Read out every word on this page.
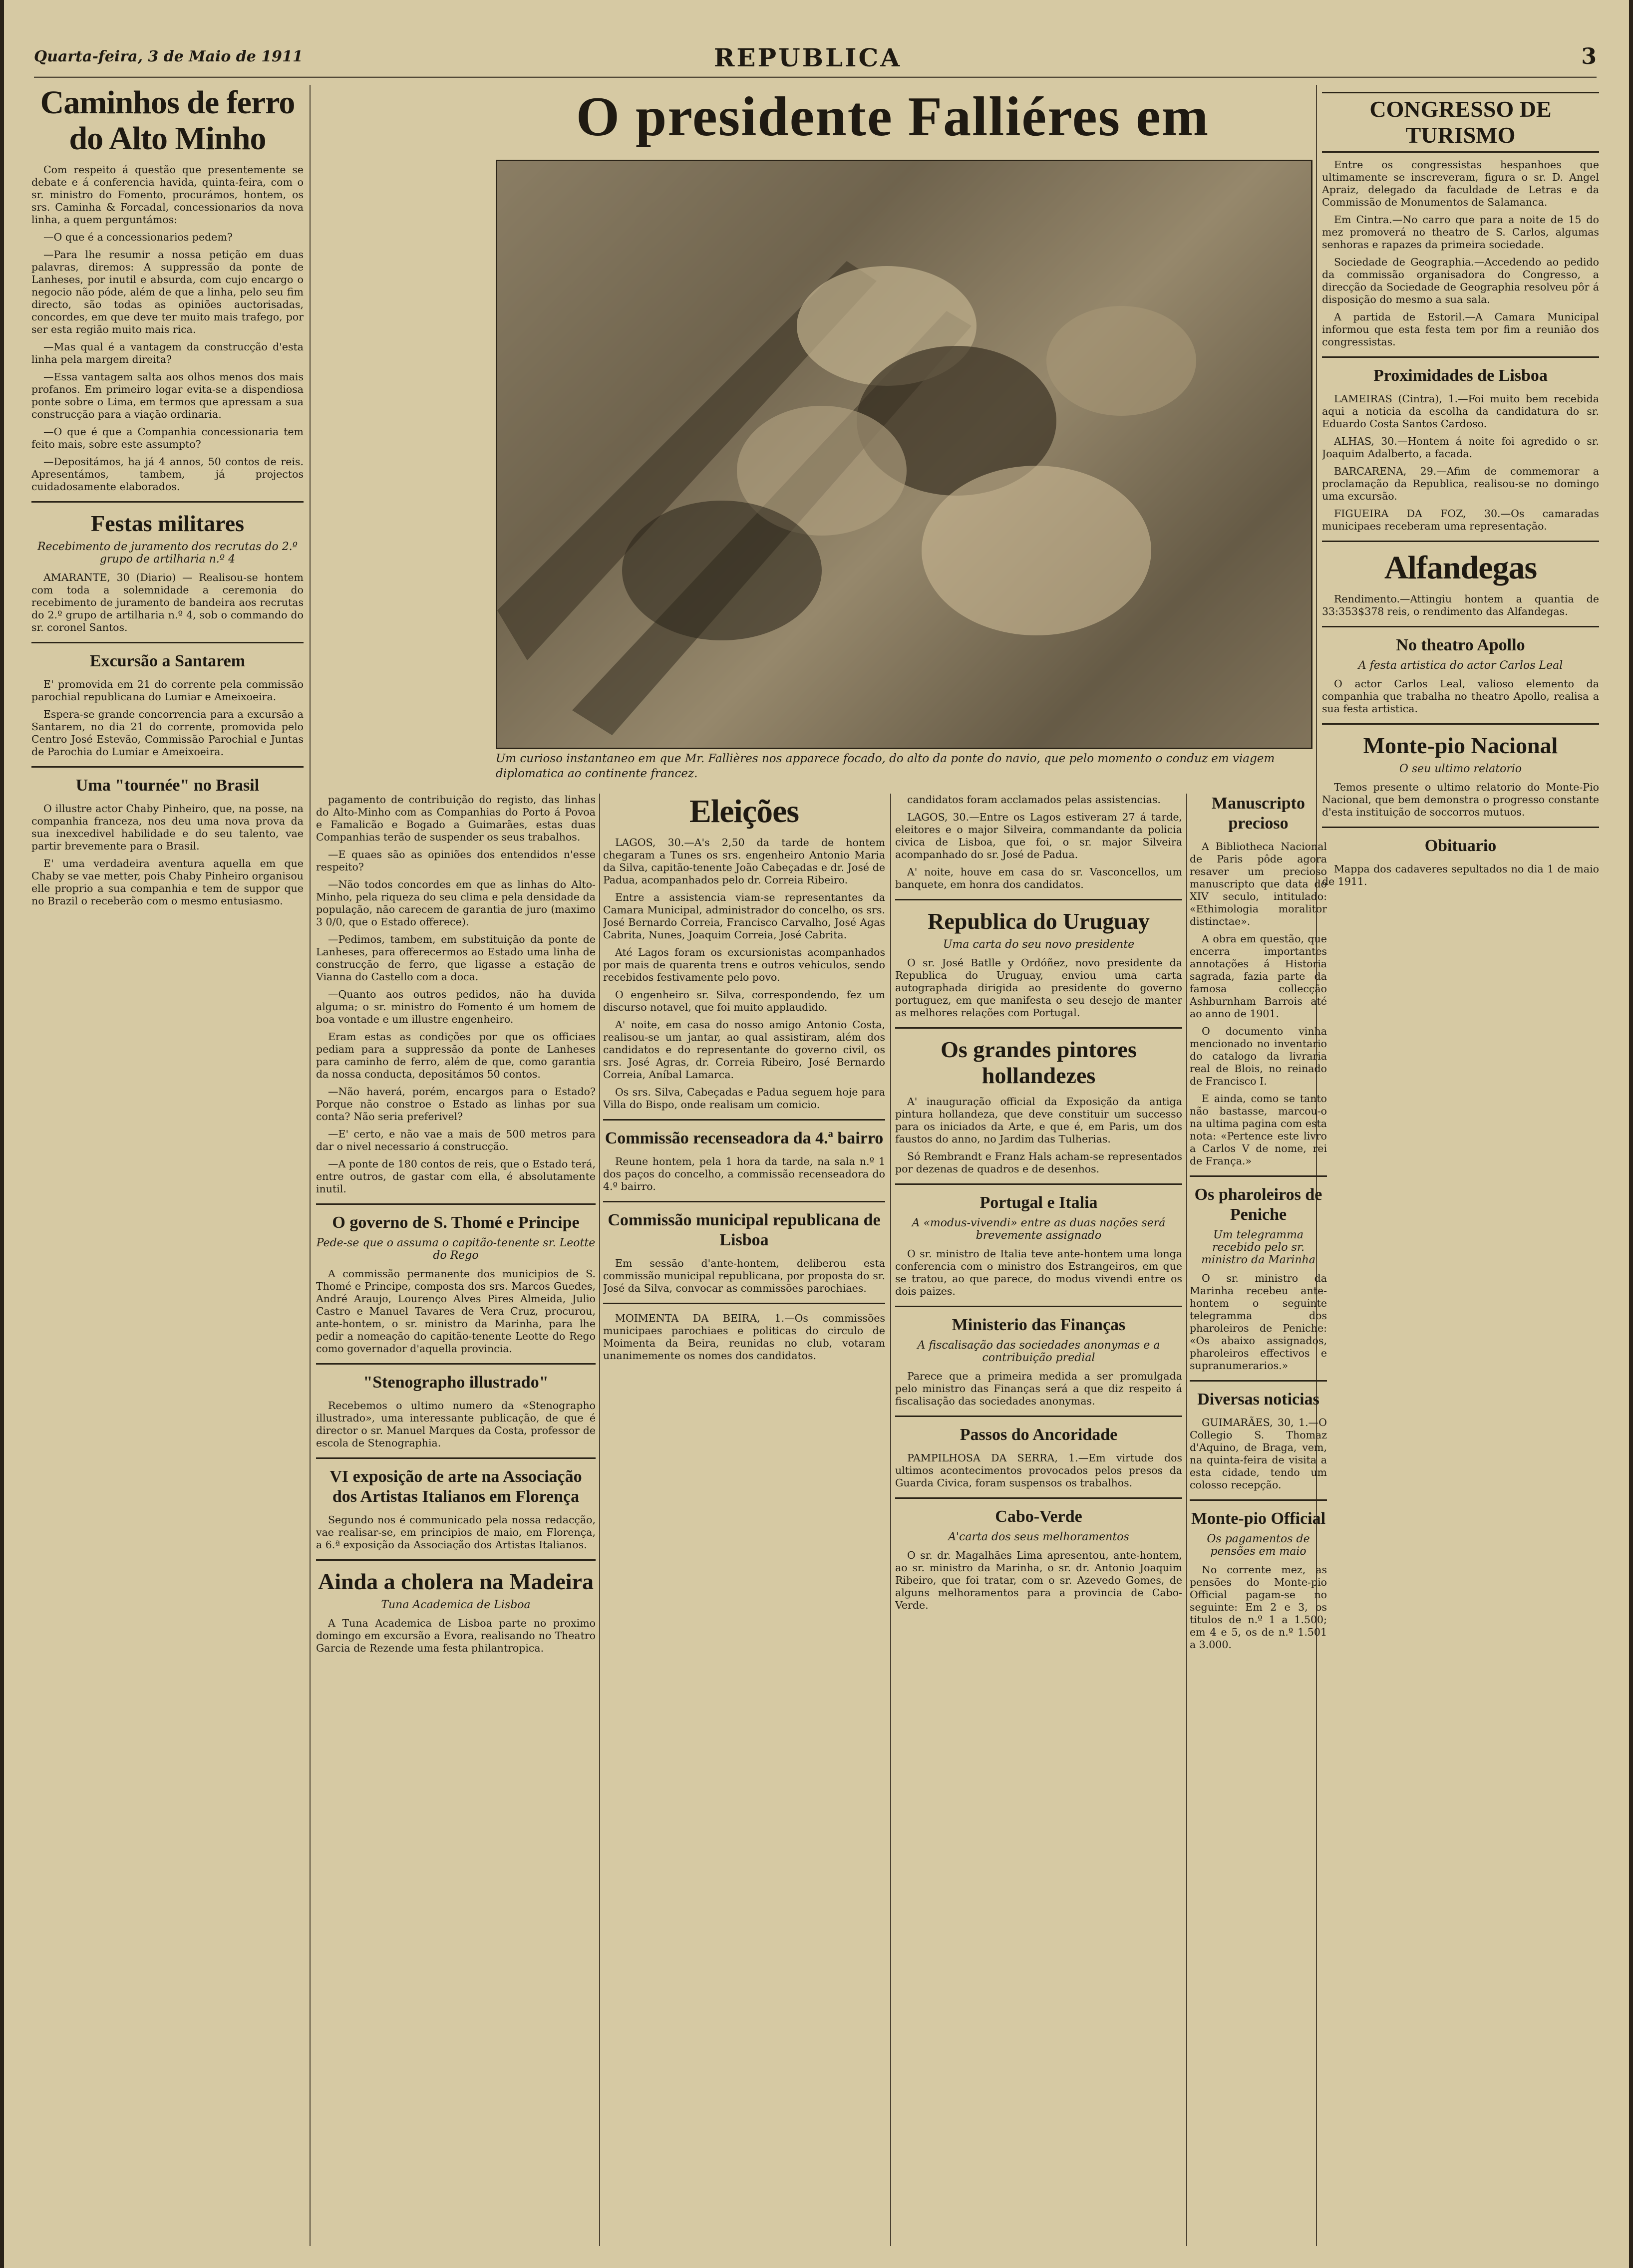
Quarta-feira, 3 de Maio de 1911	REPUBLICA	3
O presidente Falliéres em
Um curioso instantaneo em que Mr. Fallières nos apparece focado, do alto da ponte do navio, que pelo momento o conduz em viagem diplomatica ao continente francez.
Caminhos de ferro do Alto Minho

Com respeito á questão que presentemente se debate e á conferencia havida, quinta-feira, com o sr. ministro do Fomento, procurámos, hontem, os srs. Caminha & Forcadal, concessionarios da nova linha, a quem perguntámos:

—O que é a concessionarios pedem?

—Para lhe resumir a nossa petição em duas palavras, diremos: A suppressão da ponte de Lanheses, por inutil e absurda, com cujo encargo o negocio não póde, além de que a linha, pelo seu fim directo, são todas as opiniões auctorisadas, concordes, em que deve ter muito mais trafego, por ser esta região muito mais rica.

—Mas qual é a vantagem da construcção d'esta linha pela margem direita?

—Essa vantagem salta aos olhos menos dos mais profanos. Em primeiro logar evita-se a dispendiosa ponte sobre o Lima, em termos que apressam a sua construcção para a viação ordinaria.

—O que é que a Companhia concessionaria tem feito mais, sobre este assumpto?

—Depositámos, ha já 4 annos, 50 contos de reis. Apresentámos, tambem, já projectos cuidadosamente elaborados.

Festas militares
Recebimento de juramento dos recrutas do 2.º grupo de artilharia n.º 4

AMARANTE, 30 (Diario) — Realisou-se hontem com toda a solemnidade a ceremonia do recebimento de juramento de bandeira aos recrutas do 2.º grupo de artilharia n.º 4, sob o commando do sr. coronel Santos.

Excursão a Santarem

E' promovida em 21 do corrente pela commissão parochial republicana do Lumiar e Ameixoeira.

Espera-se grande concorrencia para a excursão a Santarem, no dia 21 do corrente, promovida pelo Centro José Estevão, Commissão Parochial e Juntas de Parochia do Lumiar e Ameixoeira.

Uma "tournée" no Brasil

O illustre actor Chaby Pinheiro, que, na posse, na companhia franceza, nos deu uma nova prova da sua inexcedivel habilidade e do seu talento, vae partir brevemente para o Brasil.

E' uma verdadeira aventura aquella em que Chaby se vae metter, pois Chaby Pinheiro organisou elle proprio a sua companhia e tem de suppor que no Brazil o receberão com o mesmo entusiasmo.

pagamento de contribuição do registo, das linhas do Alto-Minho com as Companhias do Porto á Povoa e Famalicão e Bogado a Guimarães, estas duas Companhias terão de suspender os seus trabalhos.

—E quaes são as opiniões dos entendidos n'esse respeito?

—Não todos concordes em que as linhas do Alto-Minho, pela riqueza do seu clima e pela densidade da população, não carecem de garantia de juro (maximo 3 0/0, que o Estado offerece).

—Pedimos, tambem, em substituição da ponte de Lanheses, para offerecermos ao Estado uma linha de construcção de ferro, que ligasse a estação de Vianna do Castello com a doca.

—Quanto aos outros pedidos, não ha duvida alguma; o sr. ministro do Fomento é um homem de boa vontade e um illustre engenheiro.

Eram estas as condições por que os officiaes pediam para a suppressão da ponte de Lanheses para caminho de ferro, além de que, como garantia da nossa conducta, depositámos 50 contos.

—Não haverá, porém, encargos para o Estado? Porque não constroe o Estado as linhas por sua conta? Não seria preferivel?

—E' certo, e não vae a mais de 500 metros para dar o nivel necessario á construcção.

—A ponte de 180 contos de reis, que o Estado terá, entre outros, de gastar com ella, é absolutamente inutil.

O governo de S. Thomé e Principe
Pede-se que o assuma o capitão-tenente sr. Leotte do Rego

A commissão permanente dos municipios de S. Thomé e Principe, composta dos srs. Marcos Guedes, André Araujo, Lourenço Alves Pires Almeida, Julio Castro e Manuel Tavares de Vera Cruz, procurou, ante-hontem, o sr. ministro da Marinha, para lhe pedir a nomeação do capitão-tenente Leotte do Rego como governador d'aquella provincia.

"Stenographo illustrado"

Recebemos o ultimo numero da «Stenographo illustrado», uma interessante publicação, de que é director o sr. Manuel Marques da Costa, professor de escola de Stenographia.

VI exposição de arte na Associação dos Artistas Italianos em Florença

Segundo nos é communicado pela nossa redacção, vae realisar-se, em principios de maio, em Florença, a 6.ª exposição da Associação dos Artistas Italianos.

Ainda a cholera na Madeira
Tuna Academica de Lisboa

A Tuna Academica de Lisboa parte no proximo domingo em excursão a Evora, realisando no Theatro Garcia de Rezende uma festa philantropica.

Eleições

LAGOS, 30.—A's 2,50 da tarde de hontem chegaram a Tunes os srs. engenheiro Antonio Maria da Silva, capitão-tenente João Cabeçadas e dr. José de Padua, acompanhados pelo dr. Correia Ribeiro.

Entre a assistencia viam-se representantes da Camara Municipal, administrador do concelho, os srs. José Bernardo Correia, Francisco Carvalho, José Agas Cabrita, Nunes, Joaquim Correia, José Cabrita.

Até Lagos foram os excursionistas acompanhados por mais de quarenta trens e outros vehiculos, sendo recebidos festivamente pelo povo.

O engenheiro sr. Silva, correspondendo, fez um discurso notavel, que foi muito applaudido.

A' noite, em casa do nosso amigo Antonio Costa, realisou-se um jantar, ao qual assistiram, além dos candidatos e do representante do governo civil, os srs. José Agras, dr. Correia Ribeiro, José Bernardo Correia, Aníbal Lamarca.

Os srs. Silva, Cabeçadas e Padua seguem hoje para Villa do Bispo, onde realisam um comicio.

Commissão recenseadora da 4.ª bairro

Reune hontem, pela 1 hora da tarde, na sala n.º 1 dos paços do concelho, a commissão recenseadora do 4.º bairro.

Commissão municipal republicana de Lisboa

Em sessão d'ante-hontem, deliberou esta commissão municipal republicana, por proposta do sr. José da Silva, convocar as commissões parochiaes.

MOIMENTA DA BEIRA, 1.—Os commissões municipaes parochiaes e politicas do circulo de Moimenta da Beira, reunidas no club, votaram unanimemente os nomes dos candidatos.

candidatos foram acclamados pelas assistencias.

LAGOS, 30.—Entre os Lagos estiveram 27 á tarde, eleitores e o major Silveira, commandante da policia civica de Lisboa, que foi, o sr. major Silveira acompanhado do sr. José de Padua.

A' noite, houve em casa do sr. Vasconcellos, um banquete, em honra dos candidatos.

Republica do Uruguay
Uma carta do seu novo presidente

O sr. José Batlle y Ordóñez, novo presidente da Republica do Uruguay, enviou uma carta autographada dirigida ao presidente do governo portuguez, em que manifesta o seu desejo de manter as melhores relações com Portugal.

Os grandes pintores hollandezes

A' inauguração official da Exposição da antiga pintura hollandeza, que deve constituir um successo para os iniciados da Arte, e que é, em Paris, um dos faustos do anno, no Jardim das Tulherias.

Só Rembrandt e Franz Hals acham-se representados por dezenas de quadros e de desenhos.

Portugal e Italia
A «modus-vivendi» entre as duas nações será brevemente assignado

O sr. ministro de Italia teve ante-hontem uma longa conferencia com o ministro dos Estrangeiros, em que se tratou, ao que parece, do modus vivendi entre os dois paizes.

Ministerio das Finanças
A fiscalisação das sociedades anonymas e a contribuição predial

Parece que a primeira medida a ser promulgada pelo ministro das Finanças será a que diz respeito á fiscalisação das sociedades anonymas.

Passos do Ancoridade

PAMPILHOSA DA SERRA, 1.—Em virtude dos ultimos acontecimentos provocados pelos presos da Guarda Civica, foram suspensos os trabalhos.

Cabo-Verde
A'carta dos seus melhoramentos

O sr. dr. Magalhães Lima apresentou, ante-hontem, ao sr. ministro da Marinha, o sr. dr. Antonio Joaquim Ribeiro, que foi tratar, com o sr. Azevedo Gomes, de alguns melhoramentos para a provincia de Cabo-Verde.

Manuscripto precioso

A Bibliotheca Nacional de Paris pôde agora resaver um precioso manuscripto que data do XIV seculo, intitulado: «Ethimologia moralitor distinctae».

A obra em questão, que encerra importantes annotações á Historia sagrada, fazia parte da famosa collecção Ashburnham Barrois até ao anno de 1901.

O documento vinha mencionado no inventario do catalogo da livraria real de Blois, no reinado de Francisco I.

E ainda, como se tanto não bastasse, marcou-o na ultima pagina com esta nota: «Pertence este livro a Carlos V de nome, rei de França.»

Os pharoleiros de Peniche
Um telegramma recebido pelo sr. ministro da Marinha

O sr. ministro da Marinha recebeu ante-hontem o seguinte telegramma dos pharoleiros de Peniche: «Os abaixo assignados, pharoleiros effectivos e supranumerarios.»

Diversas noticias

GUIMARÃES, 30, 1.—O Collegio S. Thomaz d'Aquino, de Braga, vem, na quinta-feira de visita a esta cidade, tendo um colosso recepção.

Monte-pio Official
Os pagamentos de pensões em maio

No corrente mez, as pensões do Monte-pio Official pagam-se no seguinte: Em 2 e 3, os titulos de n.º 1 a 1.500; em 4 e 5, os de n.º 1.501 a 3.000.

CONGRESSO DE TURISMO

Entre os congressistas hespanhoes que ultimamente se inscreveram, figura o sr. D. Angel Apraiz, delegado da faculdade de Letras e da Commissão de Monumentos de Salamanca.

Em Cintra.—No carro que para a noite de 15 do mez promoverá no theatro de S. Carlos, algumas senhoras e rapazes da primeira sociedade.

Sociedade de Geographia.—Accedendo ao pedido da commissão organisadora do Congresso, a direcção da Sociedade de Geographia resolveu pôr á disposição do mesmo a sua sala.

A partida de Estoril.—A Camara Municipal informou que esta festa tem por fim a reunião dos congressistas.

Proximidades de Lisboa

LAMEIRAS (Cintra), 1.—Foi muito bem recebida aqui a noticia da escolha da candidatura do sr. Eduardo Costa Santos Cardoso.

ALHAS, 30.—Hontem á noite foi agredido o sr. Joaquim Adalberto, a facada.

BARCARENA, 29.—Afim de commemorar a proclamação da Republica, realisou-se no domingo uma excursão.

FIGUEIRA DA FOZ, 30.—Os camaradas municipaes receberam uma representação.

Alfandegas

Rendimento.—Attingiu hontem a quantia de 33:353$378 reis, o rendimento das Alfandegas.

No theatro Apollo
A festa artistica do actor Carlos Leal

O actor Carlos Leal, valioso elemento da companhia que trabalha no theatro Apollo, realisa a sua festa artistica.

Monte-pio Nacional
O seu ultimo relatorio

Temos presente o ultimo relatorio do Monte-Pio Nacional, que bem demonstra o progresso constante d'esta instituição de soccorros mutuos.

Obituario

Mappa dos cadaveres sepultados no dia 1 de maio de 1911.
